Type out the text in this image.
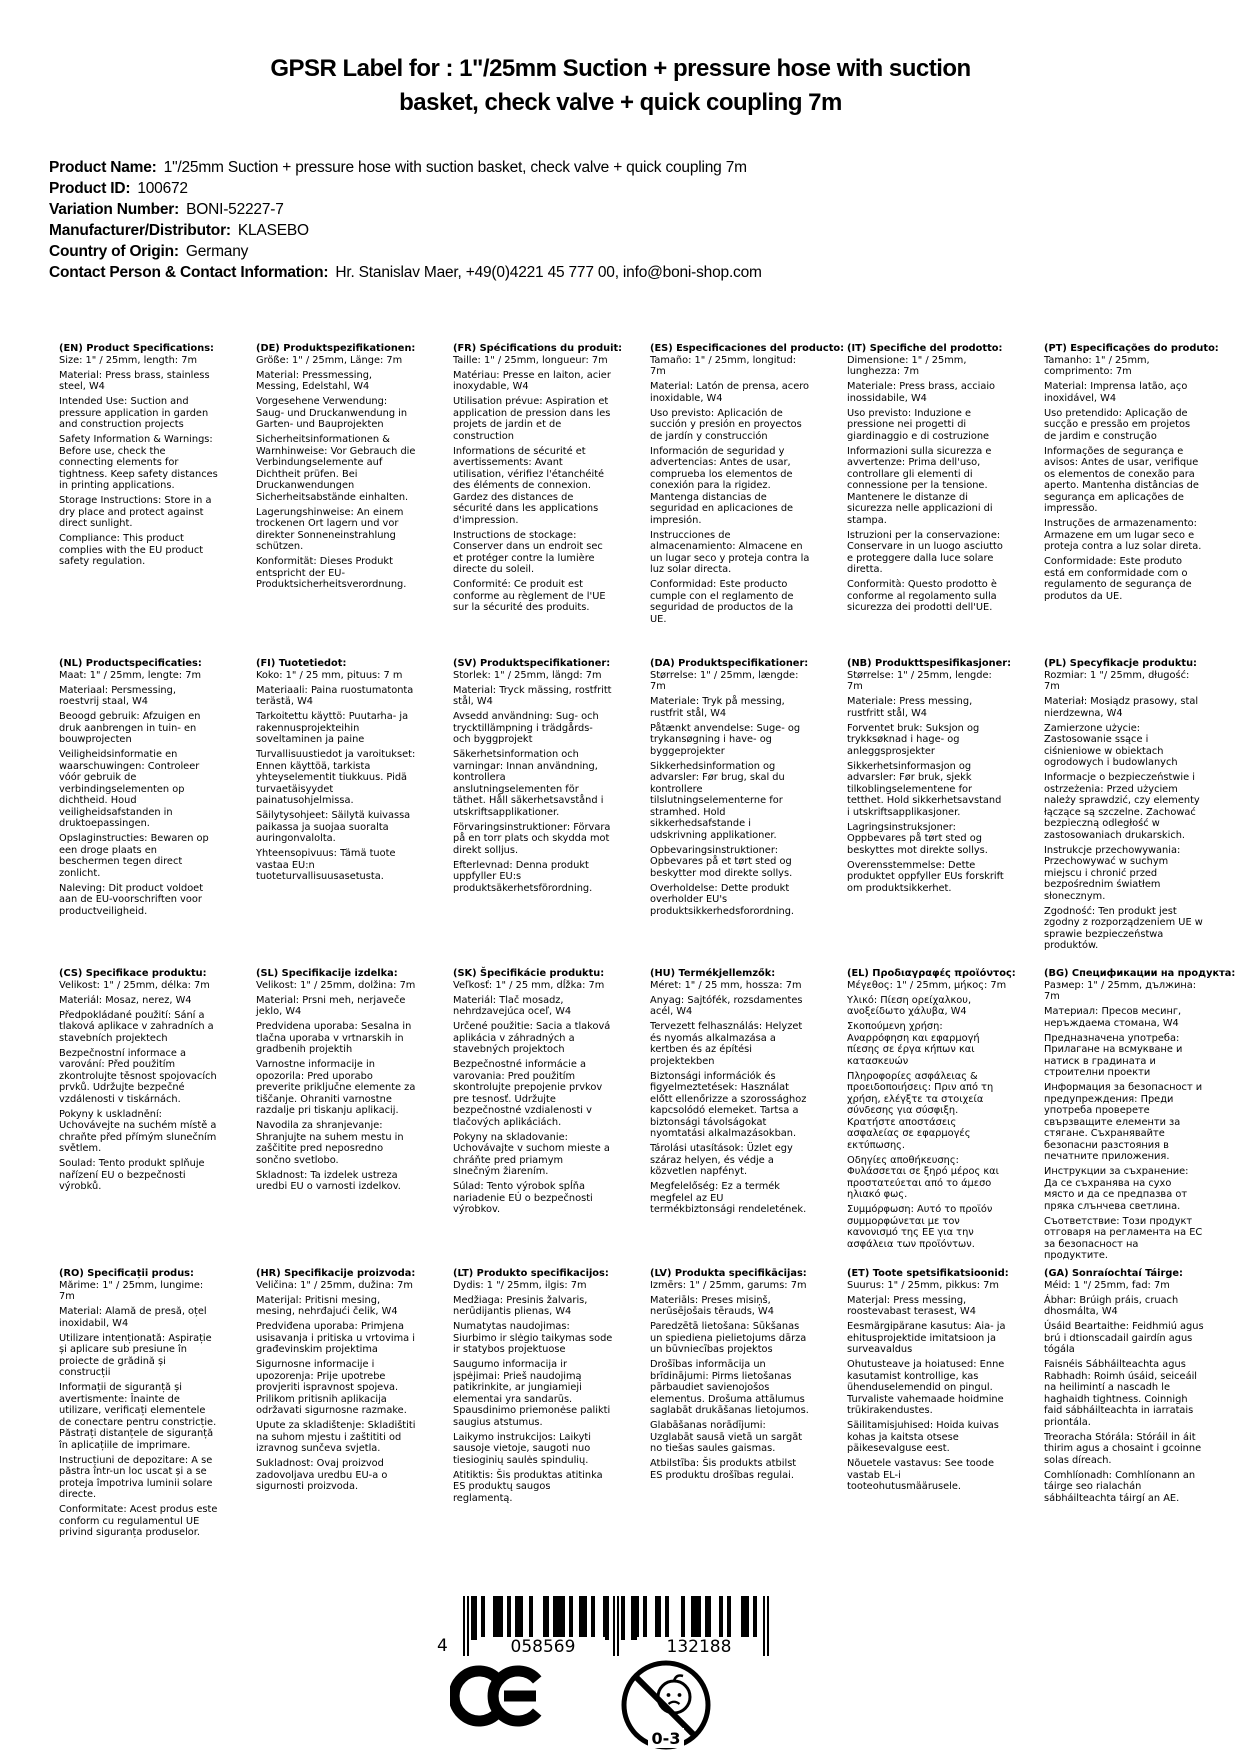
GPSR Label for : 1"/25mm Suction + pressure hose with suction
basket, check valve + quick coupling 7m
Product Name: 1"/25mm Suction + pressure hose with suction basket, check valve + quick coupling 7m
Product ID: 100672
Variation Number: BONI-52227-7
Manufacturer/Distributor: KLASEBO
Country of Origin: Germany
Contact Person & Contact Information: Hr. Stanislav Maer, +49(0)4221 45 777 00, info@boni-shop.com
(EN) Product Specifications:

Size: 1" / 25mm, length: 7m

Material: Press brass, stainless steel, W4

Intended Use: Suction and pressure application in garden and construction projects

Safety Information & Warnings: Before use, check the connecting elements for tightness. Keep safety distances in printing applications.

Storage Instructions: Store in a dry place and protect against direct sunlight.

Compliance: This product complies with the EU product safety regulation.

(DE) Produktspezifikationen:

Größe: 1" / 25mm, Länge: 7m

Material: Pressmessing, Messing, Edelstahl, W4

Vorgesehene Verwendung: Saug- und Druckanwendung in Garten- und Bauprojekten

Sicherheitsinformationen & Warnhinweise: Vor Gebrauch die Verbindungselemente auf Dichtheit prüfen. Bei Druckanwendungen Sicherheitsabstände einhalten.

Lagerungshinweise: An einem trockenen Ort lagern und vor direkter Sonneneinstrahlung schützen.

Konformität: Dieses Produkt entspricht der EU-Produktsicherheitsverordnung.

(FR) Spécifications du produit:

Taille: 1" / 25mm, longueur: 7m

Matériau: Presse en laiton, acier inoxydable, W4

Utilisation prévue: Aspiration et application de pression dans les projets de jardin et de construction

Informations de sécurité et avertissements: Avant utilisation, vérifiez l'étanchéité des éléments de connexion. Gardez des distances de sécurité dans les applications d'impression.

Instructions de stockage: Conserver dans un endroit sec et protéger contre la lumière directe du soleil.

Conformité: Ce produit est conforme au règlement de l'UE sur la sécurité des produits.

(ES) Especificaciones del producto:

Tamaño: 1" / 25mm, longitud: 7m

Material: Latón de prensa, acero inoxidable, W4

Uso previsto: Aplicación de succión y presión en proyectos de jardín y construcción

Información de seguridad y advertencias: Antes de usar, comprueba los elementos de conexión para la rigidez. Mantenga distancias de seguridad en aplicaciones de impresión.

Instrucciones de almacenamiento: Almacene en un lugar seco y proteja contra la luz solar directa.

Conformidad: Este producto cumple con el reglamento de seguridad de productos de la UE.

(IT) Specifiche del prodotto:

Dimensione: 1" / 25mm, lunghezza: 7m

Materiale: Press brass, acciaio inossidabile, W4

Uso previsto: Induzione e pressione nei progetti di giardinaggio e di costruzione

Informazioni sulla sicurezza e avvertenze: Prima dell'uso, controllare gli elementi di connessione per la tensione. Mantenere le distanze di sicurezza nelle applicazioni di stampa.

Istruzioni per la conservazione: Conservare in un luogo asciutto e proteggere dalla luce solare diretta.

Conformità: Questo prodotto è conforme al regolamento sulla sicurezza dei prodotti dell'UE.

(PT) Especificações do produto:

Tamanho: 1" / 25mm, comprimento: 7m

Material: Imprensa latão, aço inoxidável, W4

Uso pretendido: Aplicação de sucção e pressão em projetos de jardim e construção

Informações de segurança e avisos: Antes de usar, verifique os elementos de conexão para aperto. Mantenha distâncias de segurança em aplicações de impressão.

Instruções de armazenamento: Armazene em um lugar seco e proteja contra a luz solar direta.

Conformidade: Este produto está em conformidade com o regulamento de segurança de produtos da UE.

(NL) Productspecificaties:

Maat: 1" / 25mm, lengte: 7m

Materiaal: Persmessing, roestvrij staal, W4

Beoogd gebruik: Afzuigen en druk aanbrengen in tuin- en bouwprojecten

Veiligheidsinformatie en waarschuwingen: Controleer vóór gebruik de verbindingselementen op dichtheid. Houd veiligheidsafstanden in druktoepassingen.

Opslaginstructies: Bewaren op een droge plaats en beschermen tegen direct zonlicht.

Naleving: Dit product voldoet aan de EU-voorschriften voor productveiligheid.

(FI) Tuotetiedot:

Koko: 1" / 25 mm, pituus: 7 m

Materiaali: Paina ruostumatonta terästä, W4

Tarkoitettu käyttö: Puutarha- ja rakennusprojekteihin soveltaminen ja paine

Turvallisuustiedot ja varoitukset: Ennen käyttöä, tarkista yhteyselementit tiukkuus. Pidä turvaetäisyydet painatusohjelmissa.

Säilytysohjeet: Säilytä kuivassa paikassa ja suojaa suoralta auringonvalolta.

Yhteensopivuus: Tämä tuote vastaa EU:n tuoteturvallisuusasetusta.

(SV) Produktspecifikationer:

Storlek: 1" / 25mm, längd: 7m

Material: Tryck mässing, rostfritt stål, W4

Avsedd användning: Sug- och trycktillämpning i trädgårds- och byggprojekt

Säkerhetsinformation och varningar: Innan användning, kontrollera anslutningselementen för täthet. Håll säkerhetsavstånd i utskriftsapplikationer.

Förvaringsinstruktioner: Förvara på en torr plats och skydda mot direkt solljus.

Efterlevnad: Denna produkt uppfyller EU:s produktsäkerhetsförordning.

(DA) Produktspecifikationer:

Størrelse: 1" / 25mm, længde: 7m

Materiale: Tryk på messing, rustfrit stål, W4

Påtænkt anvendelse: Suge- og trykansøgning i have- og byggeprojekter

Sikkerhedsinformation og advarsler: Før brug, skal du kontrollere tilslutningselementerne for stramhed. Hold sikkerhedsafstande i udskrivning applikationer.

Opbevaringsinstruktioner: Opbevares på et tørt sted og beskytter mod direkte sollys.

Overholdelse: Dette produkt overholder EU's produktsikkerhedsforordning.

(NB) Produkttspesifikasjoner:

Størrelse: 1" / 25mm, lengde: 7m

Materiale: Press messing, rustfritt stål, W4

Forventet bruk: Suksjon og trykksøknad i hage- og anleggsprosjekter

Sikkerhetsinformasjon og advarsler: Før bruk, sjekk tilkoblingselementene for tetthet. Hold sikkerhetsavstand i utskriftsapplikasjoner.

Lagringsinstruksjoner: Oppbevares på tørt sted og beskyttes mot direkte sollys.

Overensstemmelse: Dette produktet oppfyller EUs forskrift om produktsikkerhet.

(PL) Specyfikacje produktu:

Rozmiar: 1 "/ 25mm, długość: 7m

Materiał: Mosiądz prasowy, stal nierdzewna, W4

Zamierzone użycie: Zastosowanie ssące i ciśnieniowe w obiektach ogrodowych i budowlanych

Informacje o bezpieczeństwie i ostrzeżenia: Przed użyciem należy sprawdzić, czy elementy łączące są szczelne. Zachować bezpieczną odległość w zastosowaniach drukarskich.

Instrukcje przechowywania: Przechowywać w suchym miejscu i chronić przed bezpośrednim światłem słonecznym.

Zgodność: Ten produkt jest zgodny z rozporządzeniem UE w sprawie bezpieczeństwa produktów.

(CS) Specifikace produktu:

Velikost: 1" / 25mm, délka: 7m

Materiál: Mosaz, nerez, W4

Předpokládané použití: Sání a tlaková aplikace v zahradních a stavebních projektech

Bezpečnostní informace a varování: Před použitím zkontrolujte těsnost spojovacích prvků. Udržujte bezpečné vzdálenosti v tiskárnách.

Pokyny k uskladnění: Uchovávejte na suchém místě a chraňte před přímým slunečním světlem.

Soulad: Tento produkt splňuje nařízení EU o bezpečnosti výrobků.

(SL) Specifikacije izdelka:

Velikost: 1" / 25mm, dolžina: 7m

Material: Prsni meh, nerjaveče jeklo, W4

Predvidena uporaba: Sesalna in tlačna uporaba v vrtnarskih in gradbenih projektih

Varnostne informacije in opozorila: Pred uporabo preverite priključne elemente za tiščanje. Ohraniti varnostne razdalje pri tiskanju aplikacij.

Navodila za shranjevanje: Shranjujte na suhem mestu in zaščitite pred neposredno sončno svetlobo.

Skladnost: Ta izdelek ustreza uredbi EU o varnosti izdelkov.

(SK) Špecifikácie produktu:

Veľkosť: 1" / 25 mm, dĺžka: 7m

Materiál: Tlač mosadz, nehrdzavejúca oceľ, W4

Určené použitie: Sacia a tlaková aplikácia v záhradných a stavebných projektoch

Bezpečnostné informácie a varovania: Pred použitím skontrolujte prepojenie prvkov pre tesnosť. Udržujte bezpečnostné vzdialenosti v tlačových aplikáciách.

Pokyny na skladovanie: Uchovávajte v suchom mieste a chráňte pred priamym slnečným žiarením.

Súlad: Tento výrobok spĺňa nariadenie EÚ o bezpečnosti výrobkov.

(HU) Termékjellemzők:

Méret: 1" / 25 mm, hossza: 7m

Anyag: Sajtófék, rozsdamentes acél, W4

Tervezett felhasználás: Helyzet és nyomás alkalmazása a kertben és az építési projektekben

Biztonsági információk és figyelmeztetések: Használat előtt ellenőrizze a szorossághoz kapcsolódó elemeket. Tartsa a biztonsági távolságokat nyomtatási alkalmazásokban.

Tárolási utasítások: Üzlet egy száraz helyen, és védje a közvetlen napfényt.

Megfelelőség: Ez a termék megfelel az EU termékbiztonsági rendeletének.

(EL) Προδιαγραφές προϊόντος:

Μέγεθος: 1" / 25mm, μήκος: 7m

Υλικό: Πίεση ορείχαλκου, ανοξείδωτο χάλυβα, W4

Σκοπούμενη χρήση: Αναρρόφηση και εφαρμογή πίεσης σε έργα κήπων και κατασκευών

Πληροφορίες ασφάλειας & προειδοποιήσεις: Πριν από τη χρήση, ελέγξτε τα στοιχεία σύνδεσης για σύσφιξη. Κρατήστε αποστάσεις ασφαλείας σε εφαρμογές εκτύπωσης.

Οδηγίες αποθήκευσης: Φυλάσσεται σε ξηρό μέρος και προστατεύεται από το άμεσο ηλιακό φως.

Συμμόρφωση: Αυτό το προϊόν συμμορφώνεται με τον κανονισμό της ΕΕ για την ασφάλεια των προϊόντων.

(BG) Спецификации на продукта:

Размер: 1" / 25mm, дължина: 7m

Материал: Пресов месинг, неръждаема стомана, W4

Предназначена употреба: Прилагане на всмукване и натиск в градината и строителни проекти

Информация за безопасност и предупреждения: Преди употреба проверете свързващите елементи за стягане. Съхранявайте безопасни разстояния в печатните приложения.

Инструкции за съхранение: Да се съхранява на сухо място и да се предпазва от пряка слънчева светлина.

Съответствие: Този продукт отговаря на регламента на ЕС за безопасност на продуктите.

(RO) Specificații produs:

Mărime: 1" / 25mm, lungime: 7m

Material: Alamă de presă, oțel inoxidabil, W4

Utilizare intenționată: Aspirație și aplicare sub presiune în proiecte de grădină și construcții

Informații de siguranță și avertismente: Înainte de utilizare, verificați elementele de conectare pentru constricție. Păstrați distanțele de siguranță în aplicațiile de imprimare.

Instrucțiuni de depozitare: A se păstra într-un loc uscat și a se proteja împotriva luminii solare directe.

Conformitate: Acest produs este conform cu regulamentul UE privind siguranța produselor.

(HR) Specifikacije proizvoda:

Veličina: 1" / 25mm, dužina: 7m

Materijal: Pritisni mesing, mesing, nehrđajući čelik, W4

Predviđena uporaba: Primjena usisavanja i pritiska u vrtovima i građevinskim projektima

Sigurnosne informacije i upozorenja: Prije upotrebe provjeriti ispravnost spojeva. Prilikom pritisnih aplikacija održavati sigurnosne razmake.

Upute za skladištenje: Skladištiti na suhom mjestu i zaštititi od izravnog sunčeva svjetla.

Sukladnost: Ovaj proizvod zadovoljava uredbu EU-a o sigurnosti proizvoda.

(LT) Produkto specifikacijos:

Dydis: 1 "/ 25mm, ilgis: 7m

Medžiaga: Presinis žalvaris, nerūdijantis plienas, W4

Numatytas naudojimas: Siurbimo ir slėgio taikymas sode ir statybos projektuose

Saugumo informacija ir įspėjimai: Prieš naudojimą patikrinkite, ar jungiamieji elementai yra sandarūs. Spausdinimo priemonėse palikti saugius atstumus.

Laikymo instrukcijos: Laikyti sausoje vietoje, saugoti nuo tiesioginių saulės spindulių.

Atitiktis: Šis produktas atitinka ES produktų saugos reglamentą.

(LV) Produkta specifikācijas:

Izmērs: 1" / 25mm, garums: 7m

Materiāls: Preses misiņš, nerūsējošais tērauds, W4

Paredzētā lietošana: Sūkšanas un spiediena pielietojums dārza un būvniecības projektos

Drošības informācija un brīdinājumi: Pirms lietošanas pārbaudiet savienojošos elementus. Drošuma attālumus saglabāt drukāšanas lietojumos.

Glabāšanas norādījumi: Uzglabāt sausā vietā un sargāt no tiešas saules gaismas.

Atbilstība: Šis produkts atbilst ES produktu drošības regulai.

(ET) Toote spetsifikatsioonid:

Suurus: 1" / 25mm, pikkus: 7m

Materjal: Press messing, roostevabast terasest, W4

Eesmärgipärane kasutus: Aia- ja ehitusprojektide imitatsioon ja surveavaldus

Ohutusteave ja hoiatused: Enne kasutamist kontrollige, kas ühenduselemendid on pingul. Turvaliste vahemaade hoidmine trükirakendustes.

Säilitamisjuhised: Hoida kuivas kohas ja kaitsta otsese päikesevalguse eest.

Nõuetele vastavus: See toode vastab EL-i tooteohutusmäärusele.

(GA) Sonraíochtaí Táirge:

Méid: 1 "/ 25mm, fad: 7m

Ábhar: Brúigh práis, cruach dhosmálta, W4

Úsáid Beartaithe: Feidhmiú agus brú i dtionscadail gairdín agus tógála

Faisnéis Sábháilteachta agus Rabhadh: Roimh úsáid, seiceáil na heilimintí a nascadh le haghaidh tightness. Coinnigh faid sábháilteachta in iarratais priontála.

Treoracha Stórála: Stóráil in áit thirim agus a chosaint i gcoinne solas díreach.

Comhlíonadh: Comhlíonann an táirge seo rialachán sábháilteachta táirgí an AE.

4	058569	132188
0-3
